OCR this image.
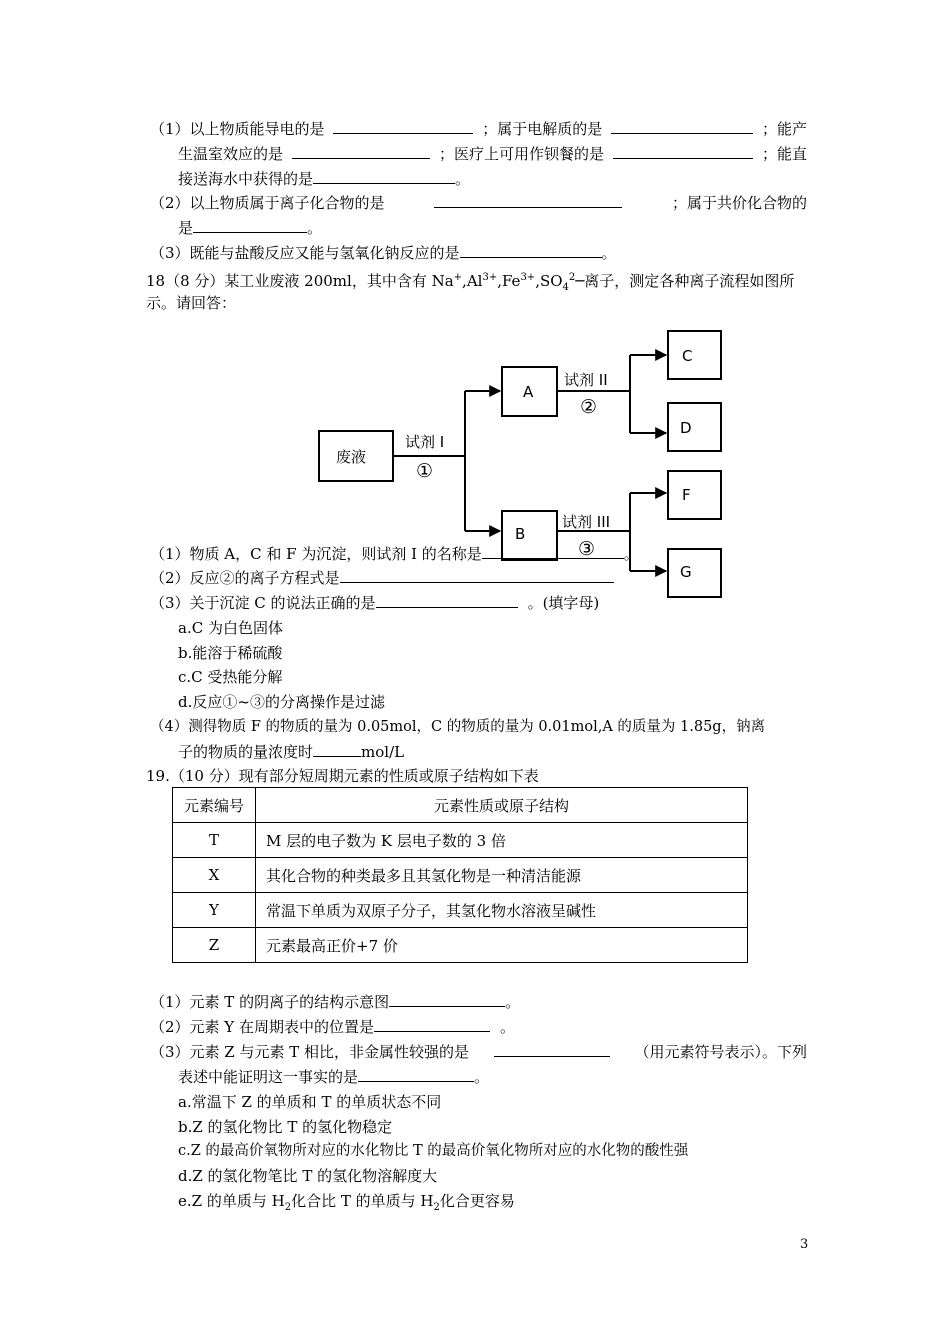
（1）以上物质能导电的是	；属于电解质的是	；能产
生温室效应的是	；医疗上可用作钡餐的是	；能直
接送海水中获得的是	。
（2）以上物质属于离子化合物的是	；属于共价化合物的
是	。
（3）既能与盐酸反应又能与氢氧化钠反应的是	。
18（8 分）某工业废液 200ml，其中含有 $Na^+,Al^{3+},Fe^{3+},SO_4^2─$离子，测定各种离子流程如图所
示。请回答：
废液
试剂 I
①
A
试剂 II
②
B
试剂 III
③
C
D
F
G
（1）物质 A，C 和 F 为沉淀，则试剂 I 的名称是	。
（2）反应②的离子方程式是
（3）关于沉淀 C 的说法正确的是	。(填字母)
a.C 为白色固体
b.能溶于稀硫酸
c.C 受热能分解
d.反应①~③的分离操作是过滤
（4）测得物质 F 的物质的量为 0.05mol，C 的物质的量为 0.01mol,A 的质量为 1.85g，钠离
子的物质的量浓度时	mol/L
19.（10 分）现有部分短周期元素的性质或原子结构如下表
元素编号	元素性质或原子结构
T	M 层的电子数为 K 层电子数的 3 倍
X	其化合物的种类最多且其氢化物是一种清洁能源
Y	常温下单质为双原子分子，其氢化物水溶液呈碱性
Z	元素最高正价+7 价
（1）元素 T 的阴离子的结构示意图	。
（2）元素 Y 在周期表中的位置是	。
（3）元素 Z 与元素 T 相比，非金属性较强的是	（用元素符号表示）。下列
表述中能证明这一事实的是	。
a.常温下 Z 的单质和 T 的单质状态不同
b.Z 的氢化物比 T 的氢化物稳定
c.Z 的最高价氧物所对应的水化物比 T 的最高价氧化物所对应的水化物的酸性强
d.Z 的氢化物笔比 T 的氢化物溶解度大
e.Z 的单质与 $H_2$化合比 T 的单质与 $H_2$化合更容易
3
